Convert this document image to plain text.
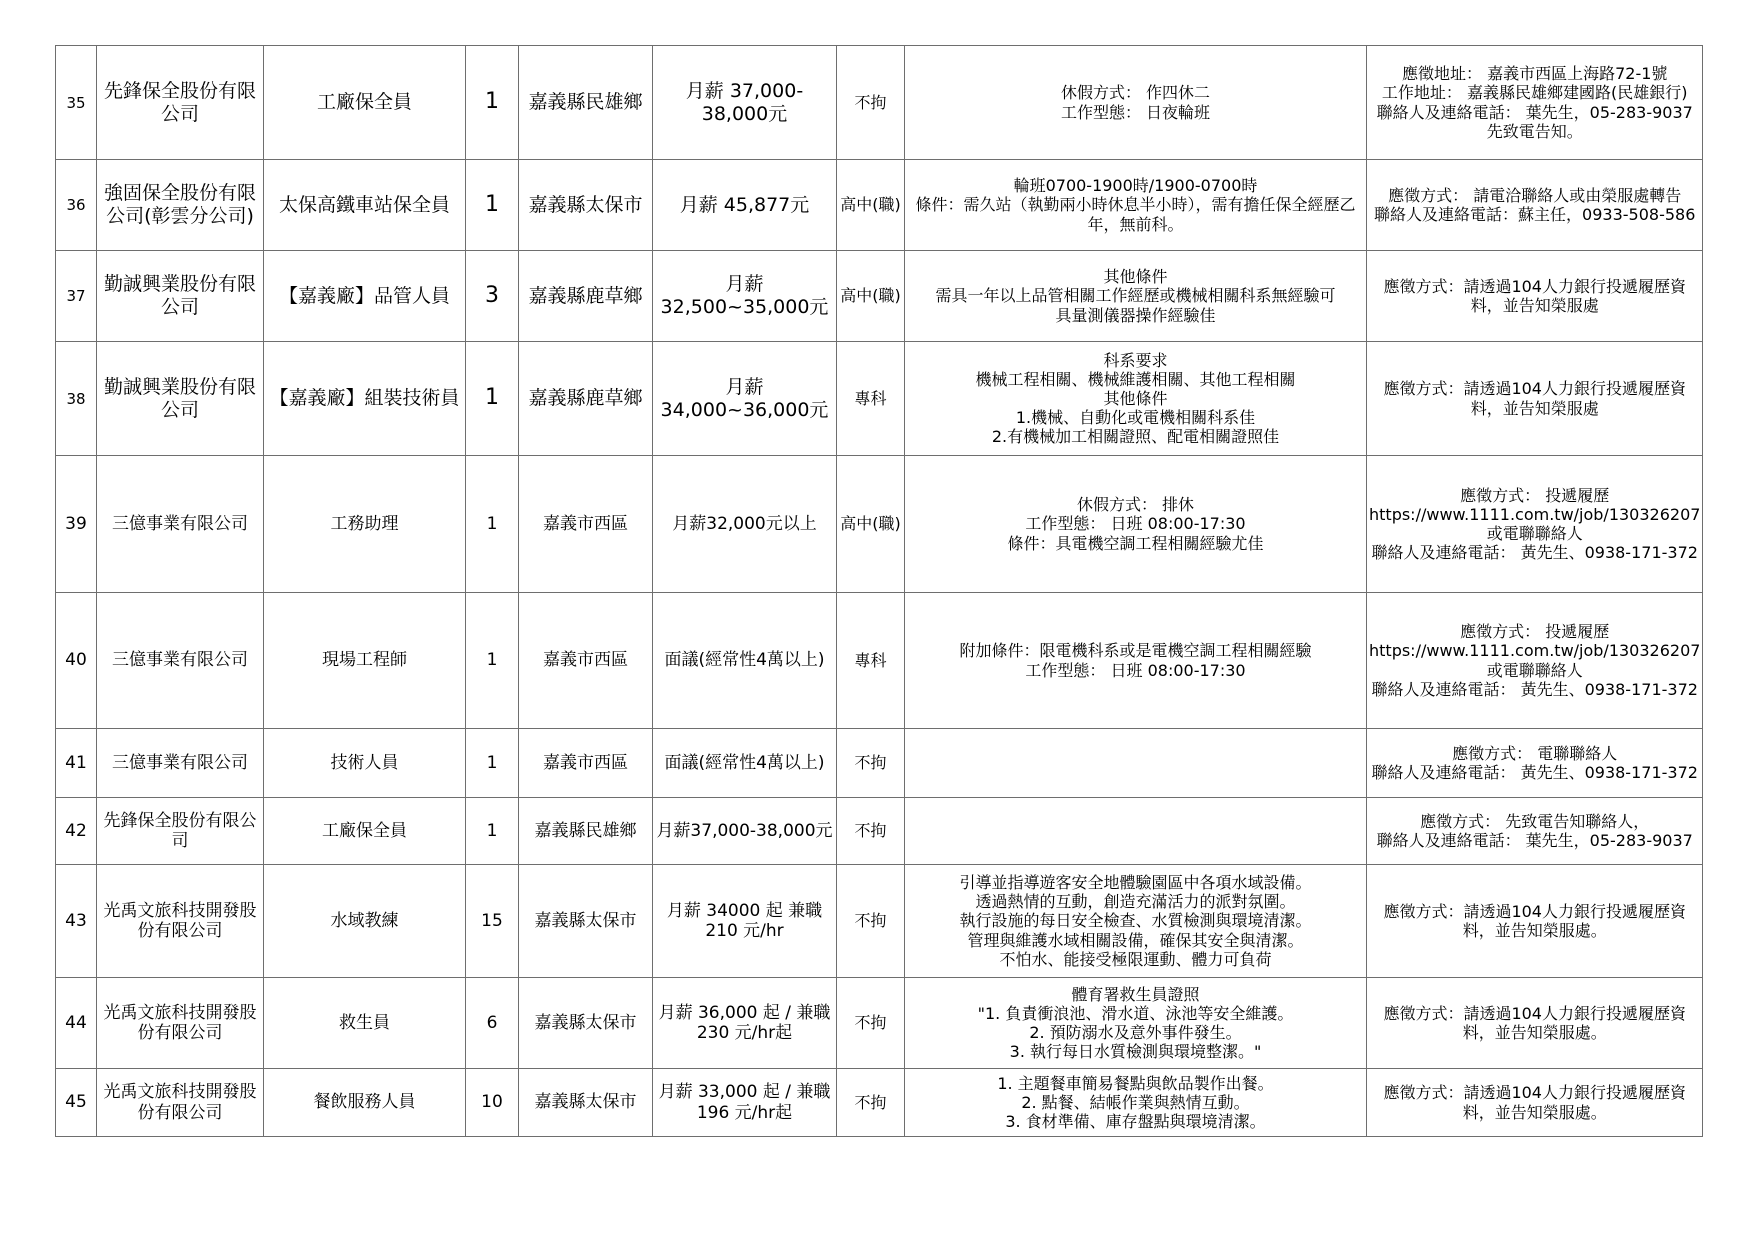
35	先鋒保全股份有限公司	工廠保全員	1	嘉義縣民雄鄉	月薪 37,000-38,000元	不拘	休假方式： 作四休二
工作型態： 日夜輪班	應徵地址： 嘉義市西區上海路72-1號
工作地址： 嘉義縣民雄鄉建國路(民雄銀行)
聯絡人及連絡電話： 葉先生，05-283-9037 先致電告知。

36	強固保全股份有限公司(彰雲分公司)	太保高鐵車站保全員	1	嘉義縣太保市	月薪 45,877元	高中(職)	輪班0700-1900時/1900-0700時
條件：需久站（執勤兩小時休息半小時），需有擔任保全經歷乙年，無前科。	應徵方式： 請電洽聯絡人或由榮服處轉告
聯絡人及連絡電話：蘇主任，0933-508-586

37	勤誠興業股份有限公司	【嘉義廠】品管人員	3	嘉義縣鹿草鄉	月薪 32,500~35,000元	高中(職)	其他條件
需具一年以上品管相關工作經歷或機械相關科系無經驗可
具量測儀器操作經驗佳	應徵方式：請透過104人力銀行投遞履歷資料，並告知榮服處

38	勤誠興業股份有限公司	【嘉義廠】組裝技術員	1	嘉義縣鹿草鄉	月薪 34,000~36,000元	專科	科系要求
機械工程相關、機械維護相關、其他工程相關
其他條件
1.機械、自動化或電機相關科系佳
2.有機械加工相關證照、配電相關證照佳	應徵方式：請透過104人力銀行投遞履歷資料，並告知榮服處

39	三億事業有限公司	工務助理	1	嘉義市西區	月薪32,000元以上	高中(職)	休假方式： 排休
工作型態： 日班 08:00-17:30
條件：具電機空調工程相關經驗尤佳	應徵方式： 投遞履歷
https://www.1111.com.tw/job/130326207
或電聯聯絡人
聯絡人及連絡電話： 黃先生、0938-171-372

40	三億事業有限公司	現場工程師	1	嘉義市西區	面議(經常性4萬以上)	專科	附加條件：限電機科系或是電機空調工程相關經驗
工作型態： 日班 08:00-17:30	應徵方式： 投遞履歷
https://www.1111.com.tw/job/130326207
或電聯聯絡人
聯絡人及連絡電話： 黃先生、0938-171-372

41	三億事業有限公司	技術人員	1	嘉義市西區	面議(經常性4萬以上)	不拘		應徵方式： 電聯聯絡人
聯絡人及連絡電話： 黃先生、0938-171-372

42	先鋒保全股份有限公司	工廠保全員	1	嘉義縣民雄鄉	月薪37,000-38,000元	不拘		應徵方式： 先致電告知聯絡人，
聯絡人及連絡電話： 葉先生，05-283-9037

43	光禹文旅科技開發股份有限公司	水域教練	15	嘉義縣太保市	月薪 34000 起 兼職 210 元/hr	不拘	引導並指導遊客安全地體驗園區中各項水域設備。
透過熱情的互動，創造充滿活力的派對氛圍。
執行設施的每日安全檢查、水質檢測與環境清潔。
管理與維護水域相關設備，確保其安全與清潔。
不怕水、能接受極限運動、體力可負荷	應徵方式：請透過104人力銀行投遞履歷資料，並告知榮服處。

44	光禹文旅科技開發股份有限公司	救生員	6	嘉義縣太保市	月薪 36,000 起 / 兼職 230 元/hr起	不拘	體育署救生員證照
"1. 負責衝浪池、滑水道、泳池等安全維護。
2. 預防溺水及意外事件發生。
3. 執行每日水質檢測與環境整潔。"	應徵方式：請透過104人力銀行投遞履歷資料，並告知榮服處。

45	光禹文旅科技開發股份有限公司	餐飲服務人員	10	嘉義縣太保市	月薪 33,000 起 / 兼職 196 元/hr起	不拘	1. 主題餐車簡易餐點與飲品製作出餐。
2. 點餐、結帳作業與熱情互動。
3. 食材準備、庫存盤點與環境清潔。	應徵方式：請透過104人力銀行投遞履歷資料，並告知榮服處。
